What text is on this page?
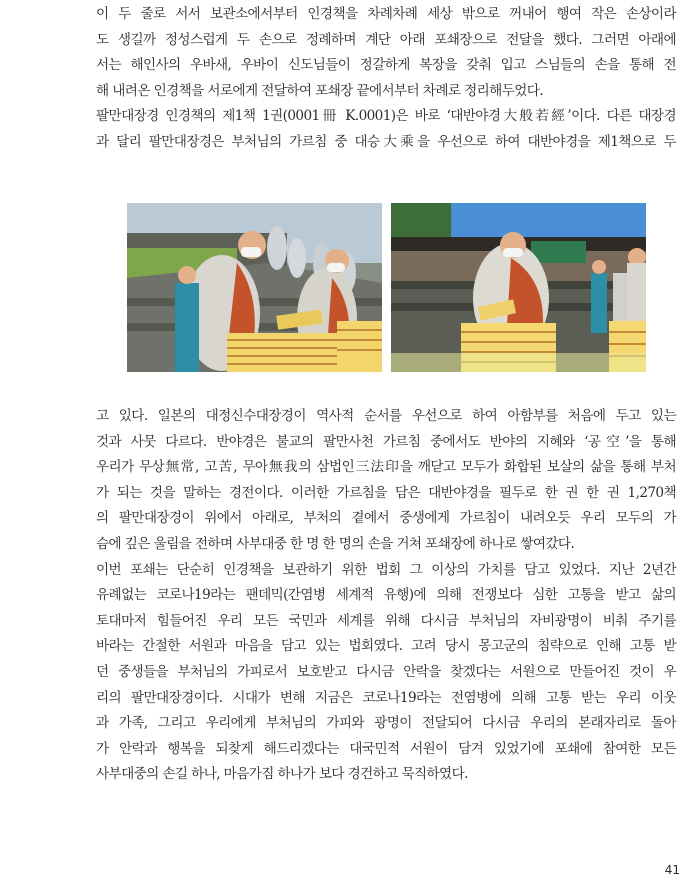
이 두 줄로 서서 보관소에서부터 인경책을 차례차례 세상 밖으로 꺼내어 행여 작은 손상이라

도 생길까 정성스럽게 두 손으로 정례하며 계단 아래 포쇄장으로 전달을 했다. 그러면 아래에

서는 해인사의 우바새, 우바이 신도님들이 정갈하게 복장을 갖춰 입고 스님들의 손을 통해 전

해 내려온 인경책을 서로에게 전달하여 포쇄장 끝에서부터 차례로 정리해두었다.

팔만대장경 인경책의 제1책 1권(0001冊 K.0001)은 바로 ‘대반야경大般若經’이다. 다른 대장경

과 달리 팔만대장경은 부처님의 가르침 중 대승大乘을 우선으로 하여 대반야경을 제1책으로 두

고 있다. 일본의 대정신수대장경이 역사적 순서를 우선으로 하여 아함부를 처음에 두고 있는

것과 사뭇 다르다. 반야경은 불교의 팔만사천 가르침 중에서도 반야의 지혜와 ‘공空’을 통해

우리가 무상無常, 고苦, 무아無我의 삼법인三法印을 깨닫고 모두가 화합된 보살의 삶을 통해 부처

가 되는 것을 말하는 경전이다. 이러한 가르침을 담은 대반야경을 필두로 한 권 한 권 1,270책

의 팔만대장경이 위에서 아래로, 부처의 곁에서 중생에게 가르침이 내려오듯 우리 모두의 가

슴에 깊은 울림을 전하며 사부대중 한 명 한 명의 손을 거쳐 포쇄장에 하나로 쌓여갔다.

이번 포쇄는 단순히 인경책을 보관하기 위한 법회 그 이상의 가치를 담고 있었다. 지난 2년간

유례없는 코로나19라는 팬데믹(간염병 세계적 유행)에 의해 전쟁보다 심한 고통을 받고 삶의

토대마저 힘들어진 우리 모든 국민과 세계를 위해 다시금 부처님의 자비광명이 비춰 주기를

바라는 간절한 서원과 마음을 담고 있는 법회였다. 고려 당시 몽고군의 침략으로 인해 고통 받

던 중생들을 부처님의 가피로서 보호받고 다시금 안락을 찾겠다는 서원으로 만들어진 것이 우

리의 팔만대장경이다. 시대가 변해 지금은 코로나19라는 전염병에 의해 고통 받는 우리 이웃

과 가족, 그리고 우리에게 부처님의 가피와 광명이 전달되어 다시금 우리의 본래자리로 돌아

가 안락과 행복을 되찾게 해드리겠다는 대국민적 서원이 담겨 있었기에 포쇄에 참여한 모든

사부대중의 손길 하나, 마음가짐 하나가 보다 경건하고 묵직하였다.

41
